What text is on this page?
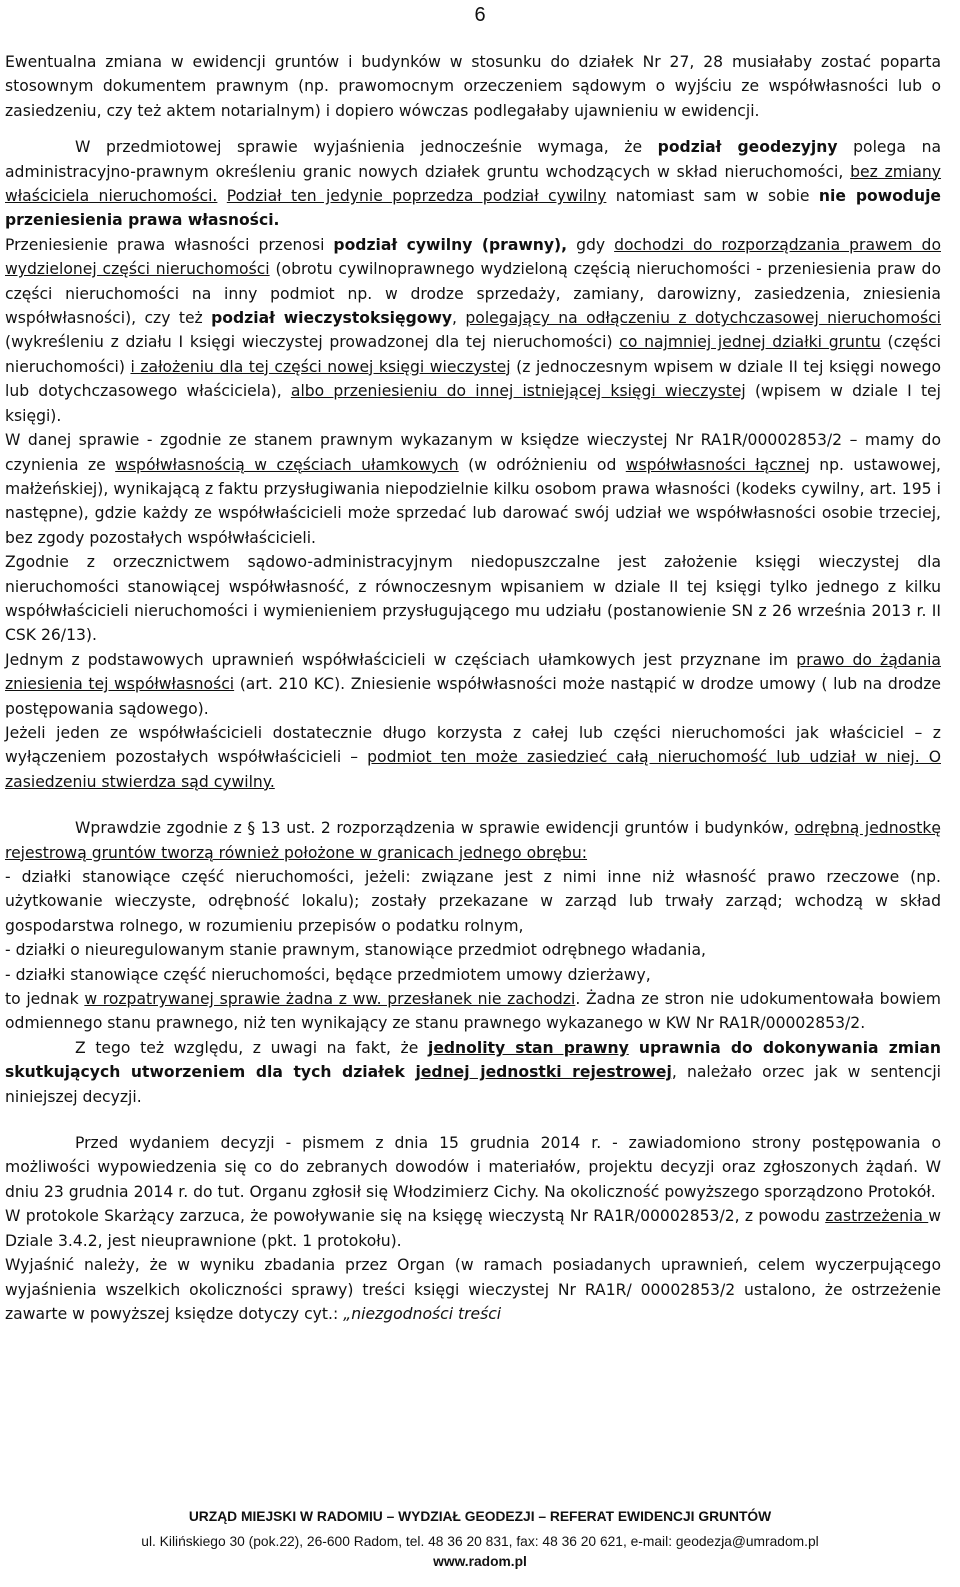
6

Ewentualna zmiana w ewidencji gruntów i budynków w stosunku do działek Nr 27, 28 musiałaby zostać poparta stosownym dokumentem prawnym (np. prawomocnym orzeczeniem sądowym o wyjściu ze współwłasności lub o zasiedzeniu, czy też aktem notarialnym) i dopiero wówczas podlegałaby ujawnieniu w ewidencji.

W przedmiotowej sprawie wyjaśnienia jednocześnie wymaga, że podział geodezyjny polega na administracyjno-prawnym określeniu granic nowych działek gruntu wchodzących w skład nieruchomości, bez zmiany właściciela nieruchomości. Podział ten jedynie poprzedza podział cywilny natomiast sam w sobie nie powoduje przeniesienia prawa własności.

Przeniesienie prawa własności przenosi podział cywilny (prawny), gdy dochodzi do rozporządzania prawem do wydzielonej części nieruchomości (obrotu cywilnoprawnego wydzieloną częścią nieruchomości - przeniesienia praw do części nieruchomości na inny podmiot np. w drodze sprzedaży, zamiany, darowizny, zasiedzenia, zniesienia współwłasności), czy też podział wieczystoksięgowy, polegający na odłączeniu z dotychczasowej nieruchomości (wykreśleniu z działu I księgi wieczystej prowadzonej dla tej nieruchomości) co najmniej jednej działki gruntu (części nieruchomości) i założeniu dla tej części nowej księgi wieczystej (z jednoczesnym wpisem w dziale II tej księgi nowego lub dotychczasowego właściciela), albo przeniesieniu do innej istniejącej księgi wieczystej (wpisem w dziale I tej księgi).

W danej sprawie - zgodnie ze stanem prawnym wykazanym w księdze wieczystej Nr RA1R/00002853/2 – mamy do czynienia ze współwłasnością w częściach ułamkowych (w odróżnieniu od współwłasności łącznej np. ustawowej, małżeńskiej), wynikającą z faktu przysługiwania niepodzielnie kilku osobom prawa własności (kodeks cywilny, art. 195 i następne), gdzie każdy ze współwłaścicieli może sprzedać lub darować swój udział we współwłasności osobie trzeciej, bez zgody pozostałych współwłaścicieli.

Zgodnie z orzecznictwem sądowo-administracyjnym niedopuszczalne jest założenie księgi wieczystej dla nieruchomości stanowiącej współwłasność, z równoczesnym wpisaniem w dziale II tej księgi tylko jednego z kilku współwłaścicieli nieruchomości i wymienieniem przysługującego mu udziału (postanowienie SN z 26 września 2013 r. II CSK 26/13).

Jednym z podstawowych uprawnień współwłaścicieli w częściach ułamkowych jest przyznane im prawo do żądania zniesienia tej współwłasności (art. 210 KC). Zniesienie współwłasności może nastąpić w drodze umowy ( lub na drodze postępowania sądowego).

Jeżeli jeden ze współwłaścicieli dostatecznie długo korzysta z całej lub części nieruchomości jak właściciel – z wyłączeniem pozostałych współwłaścicieli – podmiot ten może zasiedzieć całą nieruchomość lub udział w niej. O zasiedzeniu stwierdza sąd cywilny.

Wprawdzie zgodnie z § 13 ust. 2 rozporządzenia w sprawie ewidencji gruntów i budynków, odrębną jednostkę rejestrową gruntów tworzą również położone w granicach jednego obrębu:

- działki stanowiące część nieruchomości, jeżeli: związane jest z nimi inne niż własność prawo rzeczowe (np. użytkowanie wieczyste, odrębność lokalu); zostały przekazane w zarząd lub trwały zarząd; wchodzą w skład gospodarstwa rolnego, w rozumieniu przepisów o podatku rolnym,

- działki o nieuregulowanym stanie prawnym, stanowiące przedmiot odrębnego władania,

- działki stanowiące część nieruchomości, będące przedmiotem umowy dzierżawy,

to jednak w rozpatrywanej sprawie żadna z ww. przesłanek nie zachodzi. Żadna ze stron nie udokumentowała bowiem odmiennego stanu prawnego, niż ten wynikający ze stanu prawnego wykazanego w KW Nr RA1R/00002853/2.

Z tego też względu, z uwagi na fakt, że jednolity stan prawny uprawnia do dokonywania zmian skutkujących utworzeniem dla tych działek jednej jednostki rejestrowej, należało orzec jak w sentencji niniejszej decyzji.

Przed wydaniem decyzji - pismem z dnia 15 grudnia 2014 r. - zawiadomiono strony postępowania o możliwości wypowiedzenia się co do zebranych dowodów i materiałów, projektu decyzji oraz zgłoszonych żądań. W dniu 23 grudnia 2014 r. do tut. Organu zgłosił się Włodzimierz Cichy. Na okoliczność powyższego sporządzono Protokół.

W protokole Skarżący zarzuca, że powoływanie się na księgę wieczystą Nr RA1R/00002853/2, z powodu zastrzeżenia w Dziale 3.4.2, jest nieuprawnione (pkt. 1 protokołu).

Wyjaśnić należy, że w wyniku zbadania przez Organ (w ramach posiadanych uprawnień, celem wyczerpującego wyjaśnienia wszelkich okoliczności sprawy) treści księgi wieczystej Nr RA1R/ 00002853/2 ustalono, że ostrzeżenie zawarte w powyższej księdze dotyczy cyt.: „niezgodności treści

URZĄD MIEJSKI W RADOMIU – WYDZIAŁ GEODEZJI – REFERAT EWIDENCJI GRUNTÓW
ul. Kilińskiego 30 (pok.22), 26-600 Radom, tel. 48 36 20 831, fax: 48 36 20 621, e-mail: geodezja@umradom.pl
www.radom.pl
